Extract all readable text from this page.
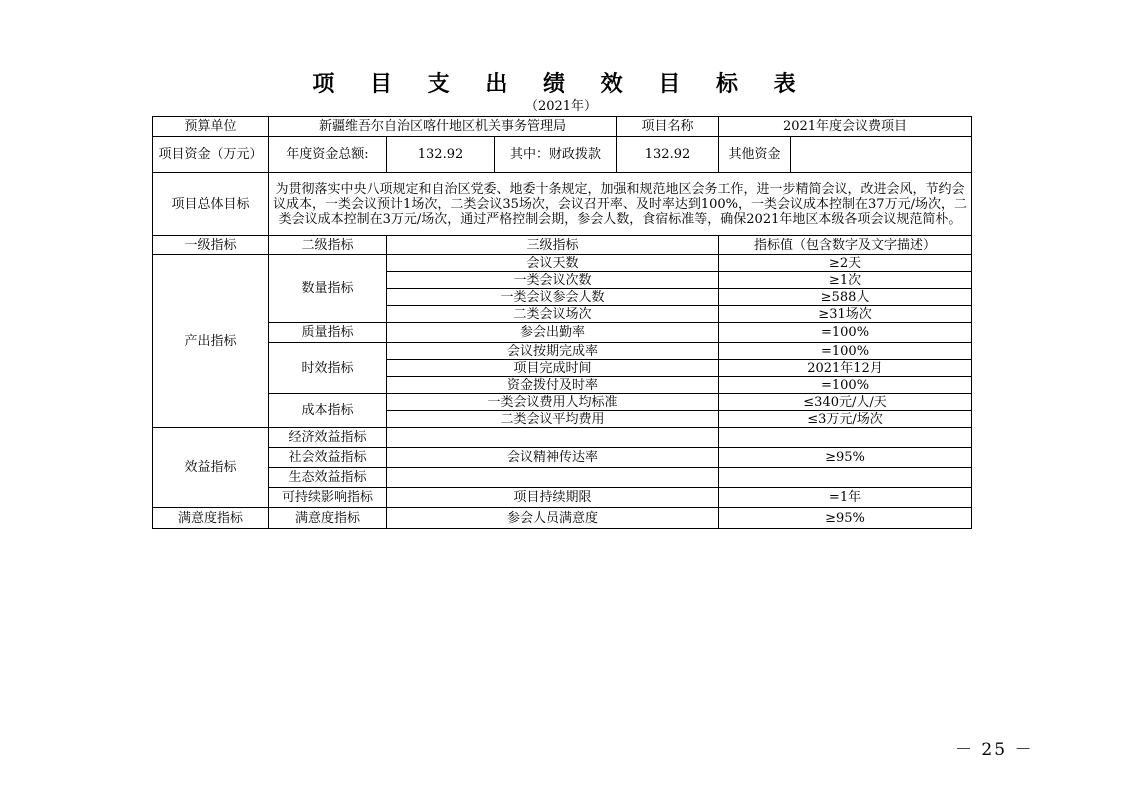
项 目 支 出 绩 效 目 标 表
（2021年）
预算单位	新疆维吾尔自治区喀什地区机关事务管理局			项目名称	2021年度会议费项目	
项目资金（万元）	年度资金总额:	132.92	其中：财政拨款	132.92	其他资金	
项目总体目标	为贯彻落实中央八项规定和自治区党委、地委十条规定，加强和规范地区会务工作，进一步精简会议，改进会风，节约会议成本，一类会议预计1场次，二类会议35场次，会议召开率、及时率达到100%，一类会议成本控制在37万元/场次，二类会议成本控制在3万元/场次，通过严格控制会期，参会人数，食宿标准等，确保2021年地区本级各项会议规范简朴。					
一级指标	二级指标	三级指标			指标值（包含数字及文字描述）	
产出指标	数量指标	会议天数			≥2天	
		一类会议次数			≥1次	
		一类会议参会人数			≥588人	
		二类会议场次			≥31场次	
	质量指标	参会出勤率			=100%	
	时效指标	会议按期完成率			=100%	
		项目完成时间			2021年12月	
		资金拨付及时率			=100%	
	成本指标	一类会议费用人均标准			≤340元/人/天	
		二类会议平均费用			≤3万元/场次	
效益指标	经济效益指标					
	社会效益指标	会议精神传达率			≥95%	
	生态效益指标					
	可持续影响指标	项目持续期限			=1年	
满意度指标	满意度指标	参会人员满意度			≥95%	
－ 25 －
